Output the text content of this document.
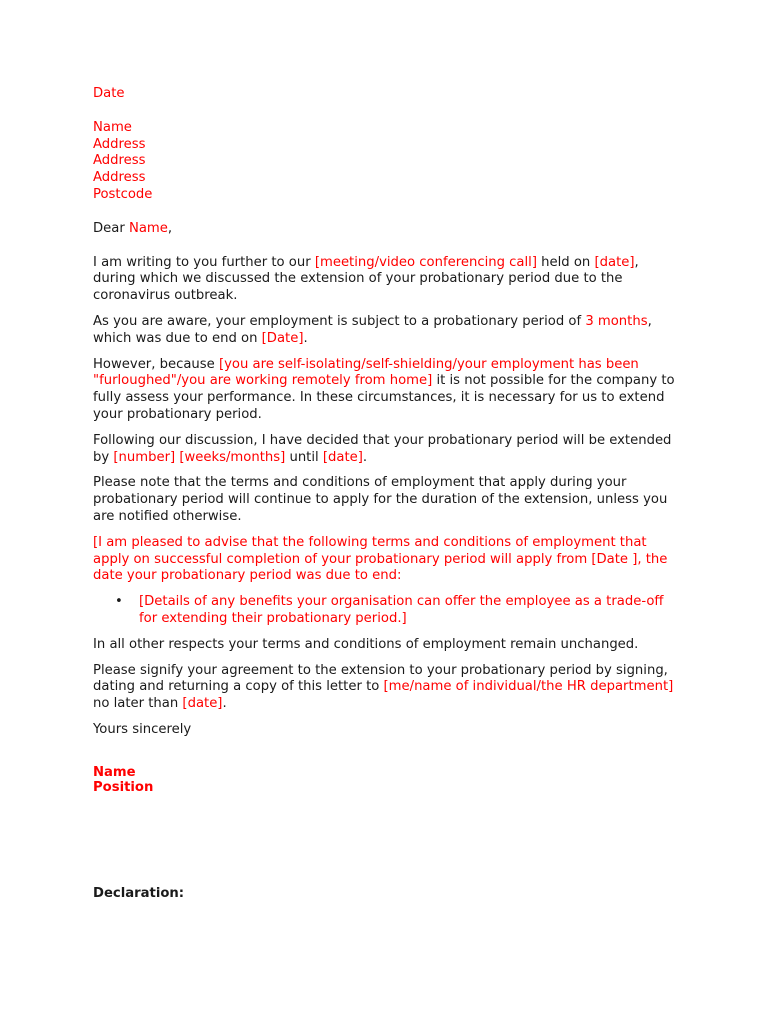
Date
Name
Address
Address
Address
Postcode

Dear Name,

I am writing to you further to our [meeting/video conferencing call] held on [date], during which we discussed the extension of your probationary period due to the coronavirus outbreak.

As you are aware, your employment is subject to a probationary period of 3 months, which was due to end on [Date].

However, because [you are self-isolating/self-shielding/your employment has been "furloughed"/you are working remotely from home] it is not possible for the company to fully assess your performance. In these circumstances, it is necessary for us to extend your probationary period.

Following our discussion, I have decided that your probationary period will be extended by [number] [weeks/months] until [date].

Please note that the terms and conditions of employment that apply during your probationary period will continue to apply for the duration of the extension, unless you are notified otherwise.

[I am pleased to advise that the following terms and conditions of employment that apply on successful completion of your probationary period will apply from [Date ], the date your probationary period was due to end:

• [Details of any benefits your organisation can offer the employee as a trade-off for extending their probationary period.]

In all other respects your terms and conditions of employment remain unchanged.

Please signify your agreement to the extension to your probationary period by signing, dating and returning a copy of this letter to [me/name of individual/the HR department] no later than [date].

Yours sincerely

Name
Position
Declaration:
